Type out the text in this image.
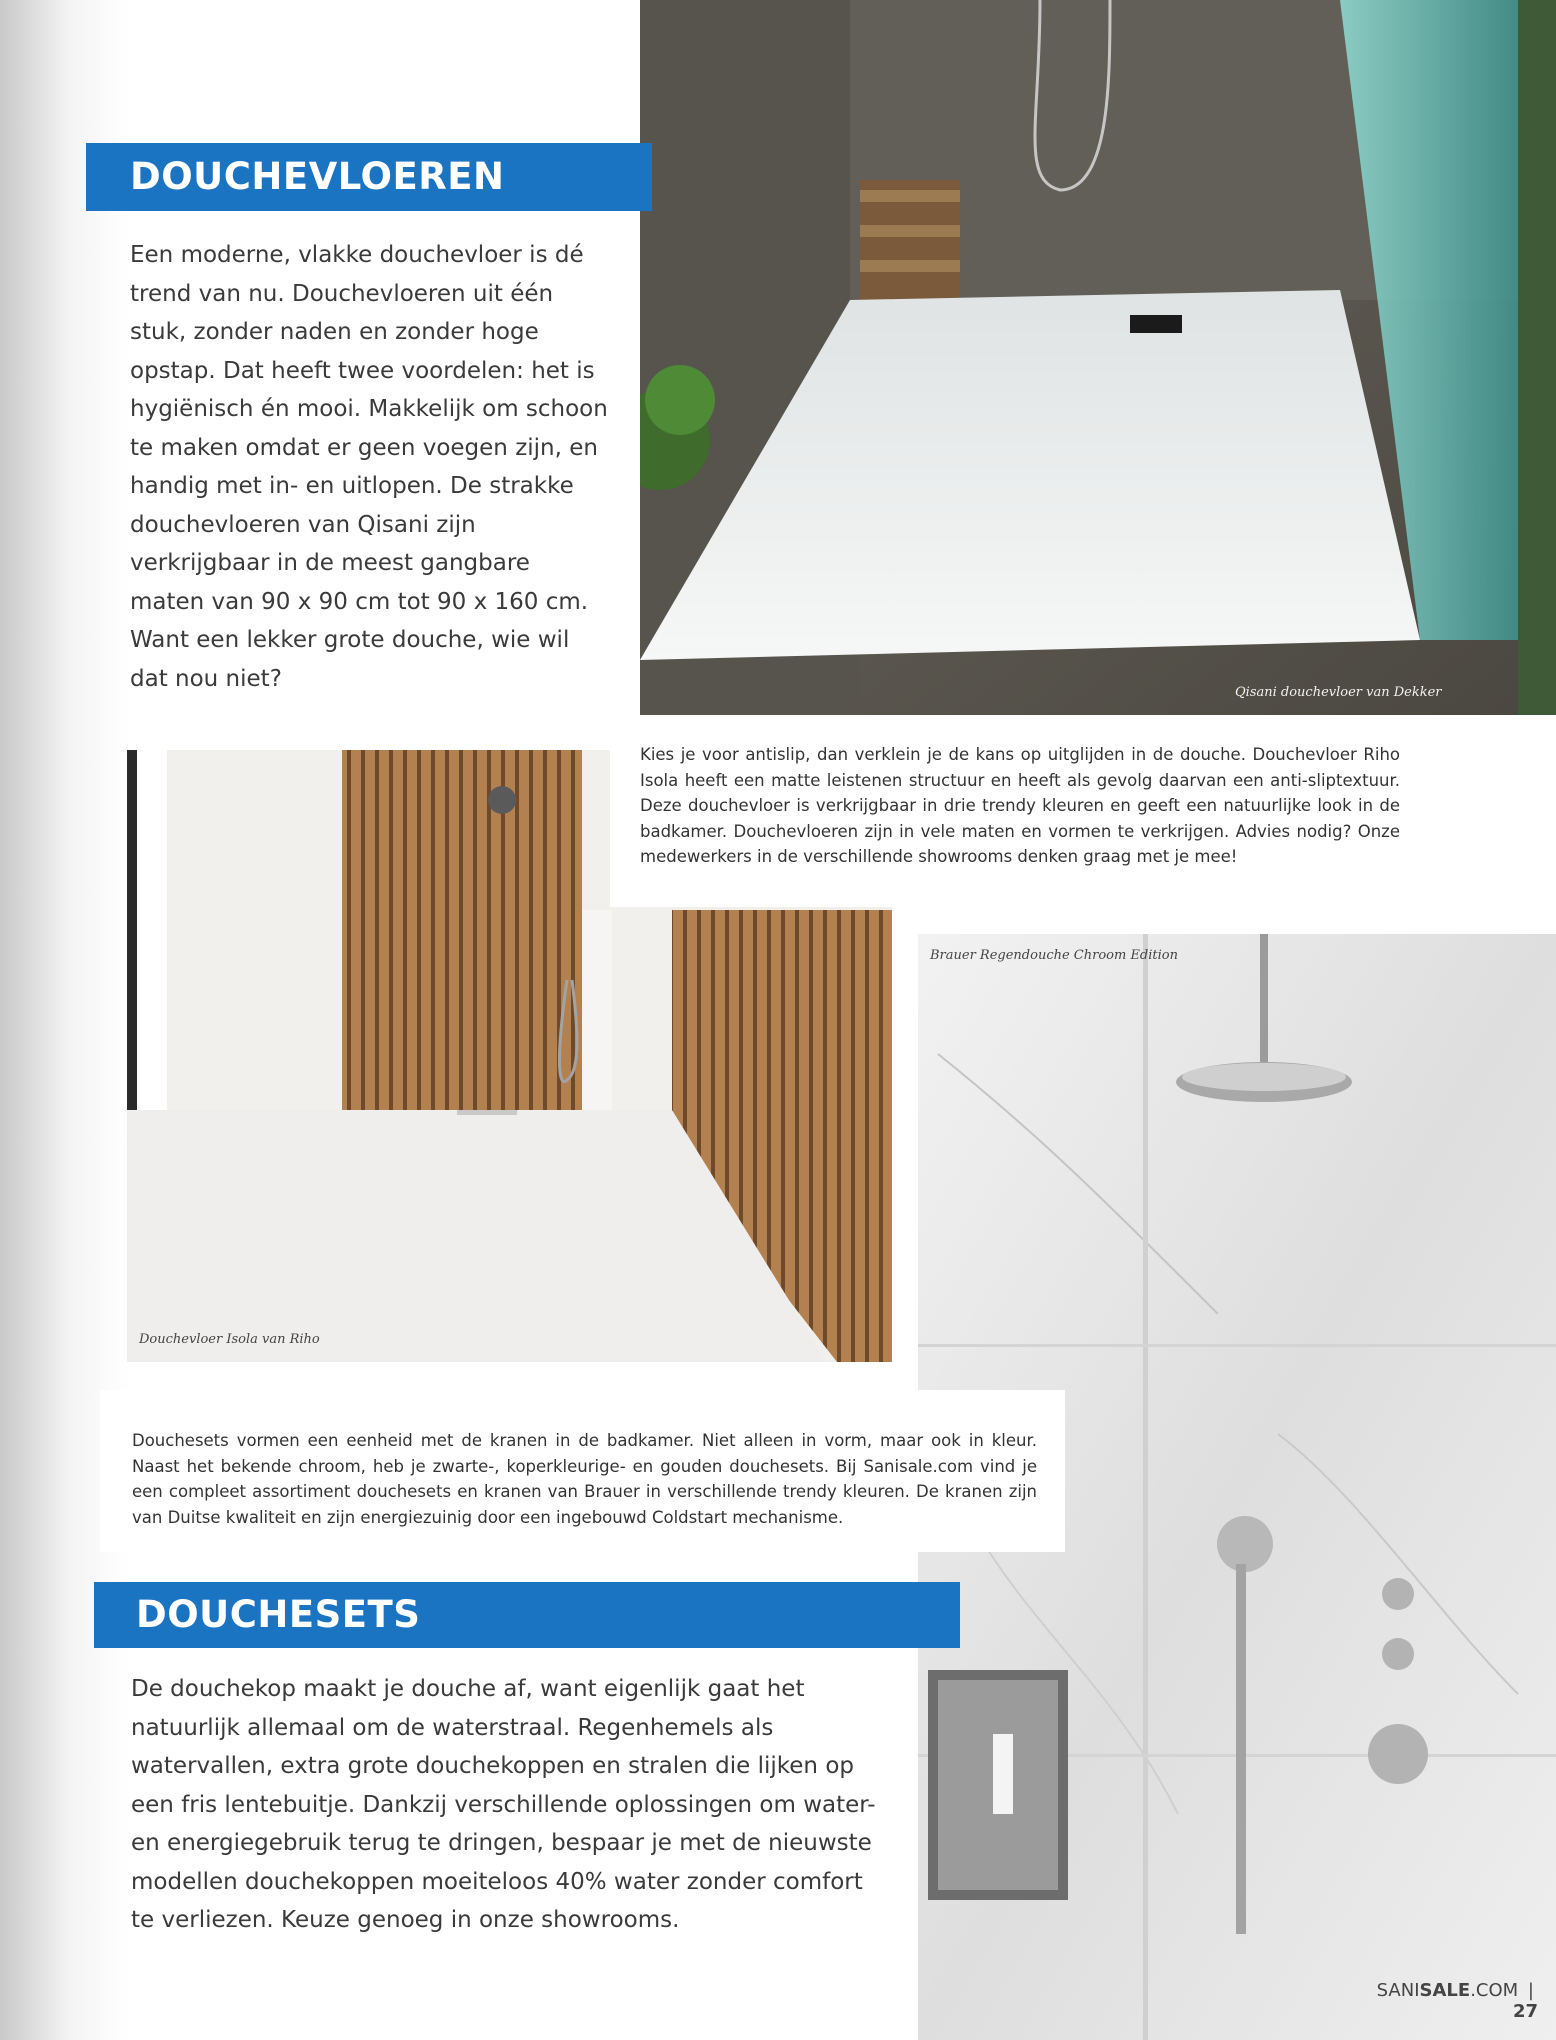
Qisani douchevloer van Dekker
DOUCHEVLOEREN
Een moderne, vlakke douchevloer is dé trend van nu. Douchevloeren uit één stuk, zonder naden en zonder hoge opstap. Dat heeft twee voordelen: het is hygiënisch én mooi. Makkelijk om schoon te maken omdat er geen voegen zijn, en handig met in- en uitlopen. De strakke douchevloeren van Qisani zijn verkrijgbaar in de meest gangbare maten van 90 x 90 cm tot 90 x 160 cm. Want een lekker grote douche, wie wil dat nou niet?
Douchevloer Isola van Riho
Kies je voor antislip, dan verklein je de kans op uitglijden in de douche. Douchevloer Riho Isola heeft een matte leistenen structuur en heeft als gevolg daarvan een anti-sliptextuur. Deze douchevloer is verkrijgbaar in drie trendy kleuren en geeft een natuurlijke look in de badkamer. Douchevloeren zijn in vele maten en vormen te verkrijgen. Advies nodig? Onze medewerkers in de verschillende showrooms denken graag met je mee!
Brauer Regendouche Chroom Edition
Douchesets vormen een eenheid met de kranen in de badkamer. Niet alleen in vorm, maar ook in kleur. Naast het bekende chroom, heb je zwarte-, koperkleurige- en gouden douchesets. Bij Sanisale.com vind je een compleet assortiment douchesets en kranen van Brauer in verschillende trendy kleuren. De kranen zijn van Duitse kwaliteit en zijn energiezuinig door een ingebouwd Coldstart mechanisme.
DOUCHESETS
De douchekop maakt je douche af, want eigenlijk gaat het natuurlijk allemaal om de waterstraal. Regenhemels als watervallen, extra grote douchekoppen en stralen die lijken op een fris lentebuitje. Dankzij verschillende oplossingen om water- en energiegebruik terug te dringen, bespaar je met de nieuwste modellen douchekoppen moeiteloos 40% water zonder comfort te verliezen. Keuze genoeg in onze showrooms.
SANISALE.COM | 27
